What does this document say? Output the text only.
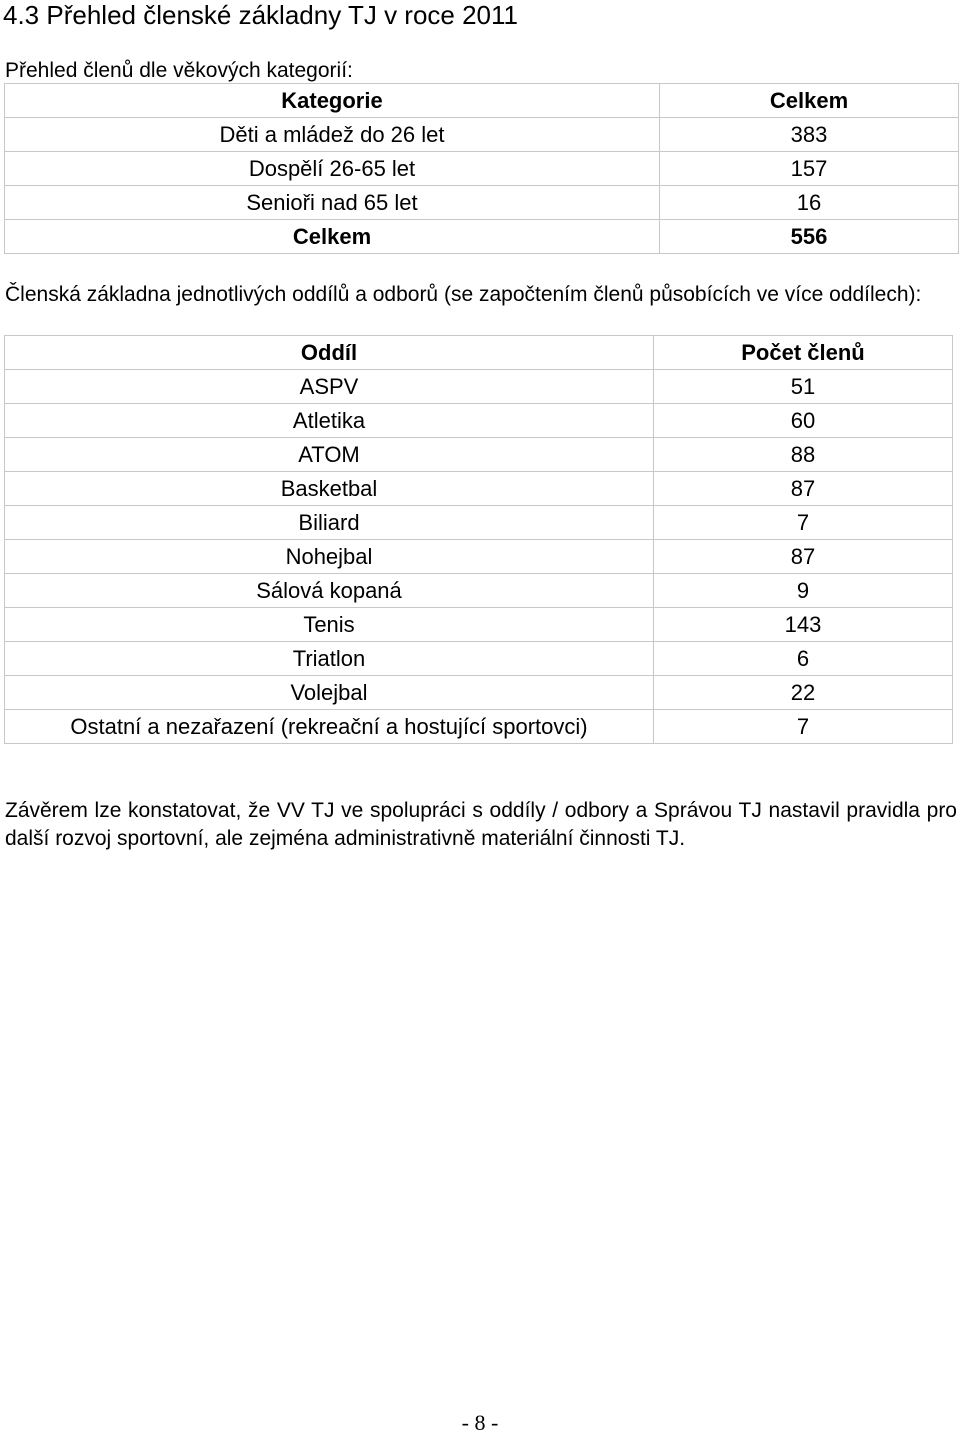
4.3 Přehled členské základny TJ v roce 2011
Přehled členů dle věkových kategorií:
Kategorie	Celkem
Děti a mládež do 26 let	383
Dospělí 26-65 let	157
Senioři nad 65 let	16
Celkem	556
Členská základna jednotlivých oddílů a odborů (se započtením členů působících ve více oddílech):
Oddíl	Počet členů
ASPV	51
Atletika	60
ATOM	88
Basketbal	87
Biliard	7
Nohejbal	87
Sálová kopaná	9
Tenis	143
Triatlon	6
Volejbal	22
Ostatní a nezařazení (rekreační a hostující sportovci)	7
Závěrem lze konstatovat, že VV TJ ve spolupráci s oddíly / odbory a Správou TJ nastavil pravidla pro další rozvoj sportovní, ale zejména administrativně materiální činnosti TJ.
- 8 -
